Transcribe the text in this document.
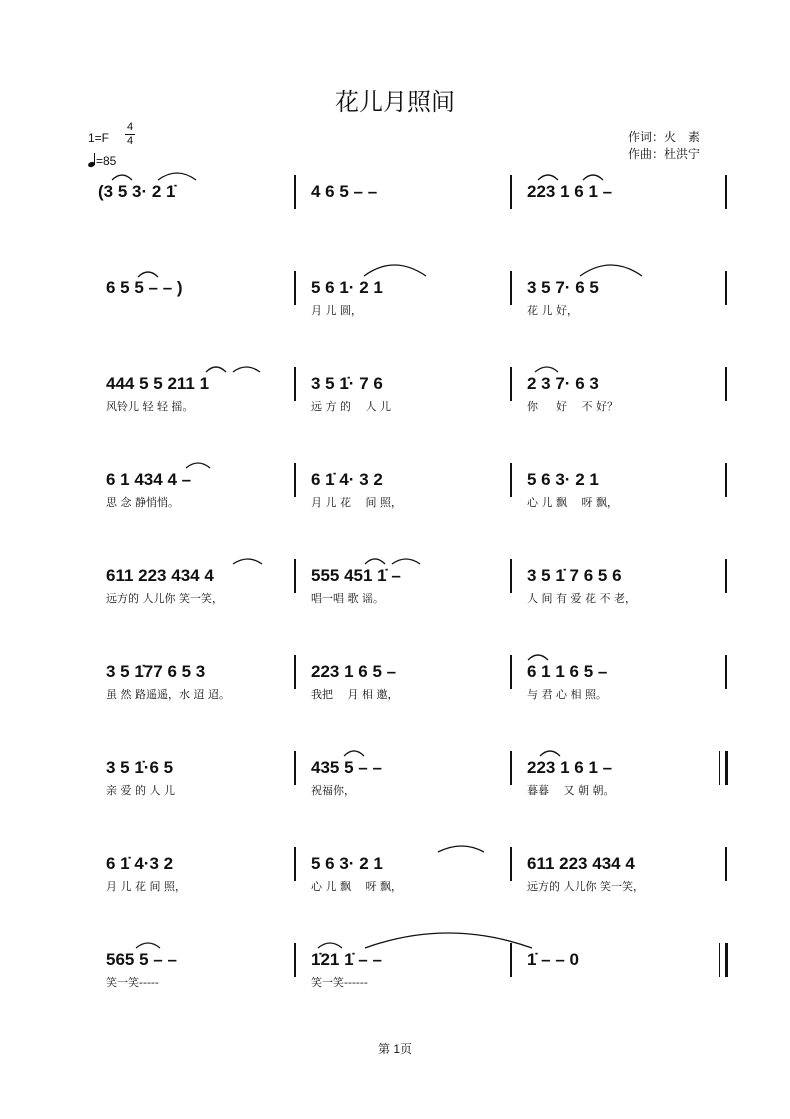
花儿月照间
1=F
4
4
=85
作词：火　素
作曲：杜洪宁
(3 5 3· 2 1̇	4 6 5 – –	223 1 6 1 –
6 5 5 – – )	5 6 1· 2 1
月 儿 圆，
3 5 7· 6 5
花 儿 好，
444 5 5 211 1
风铃儿 轻 轻 摇。
3 5 1̇· 7 6
远 方 的 　人 儿
2 3 7· 6 3
你 　 好 　不 好？
6 1 434 4 –
思 念 静悄悄。
6 1̇ 4· 3 2
月 儿 花 　间 照，
5 6 3· 2 1
心 儿 飘 　呀 飘，
611 223 434 4
远方的 人儿你 笑一笑，
555 451 1̇ –
唱一唱 歌 谣。
3 5 1̇ 7 6 5 6
人 间 有 爱 花 不 老，
3 5 1̇77 6 5 3
虽 然 路遥遥，水 迢 迢。
223 1 6 5 –
我把 　月 相 邀，
6 1 1 6 5 –
与 君 心 相 照。
3 5 1̇·6 5
亲 爱 的 人 儿
435 5 – –
祝福你，
223 1 6 1 –
暮暮 　又 朝 朝。
6 1̇ 4·3 2
月 儿 花 间 照，
5 6 3· 2 1
心 儿 飘 　呀 飘，
611 223 434 4
远方的 人儿你 笑一笑，
565 5 – –
笑一笑-----
1̇21 1̇ – –
笑一笑------
1̇ – – 0
第 1页
